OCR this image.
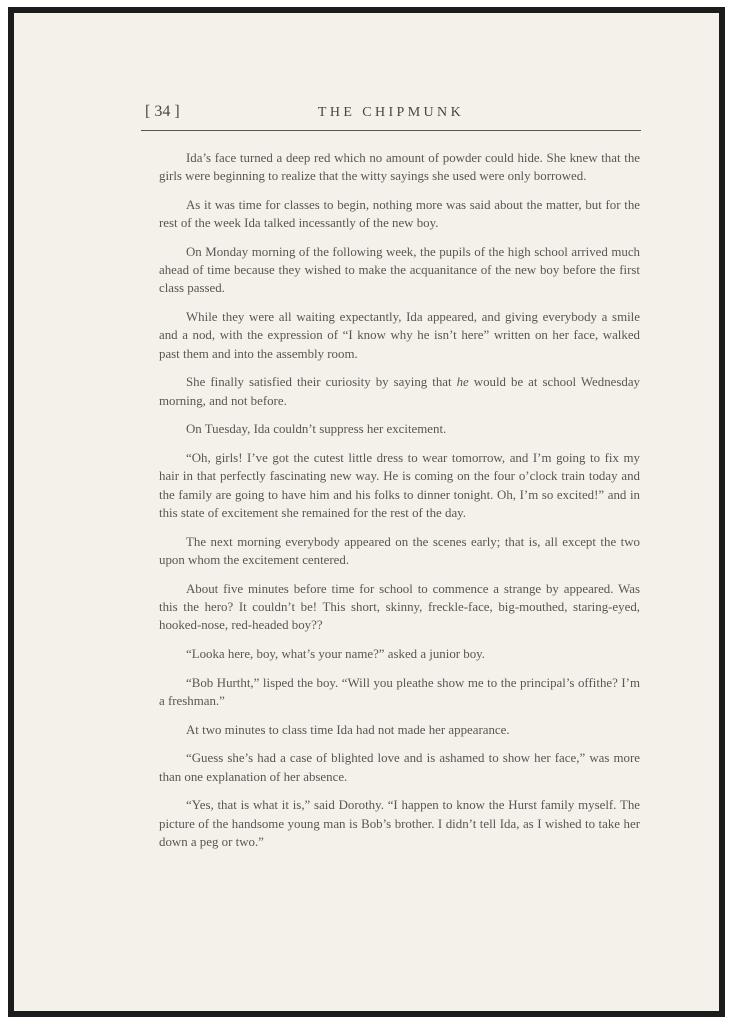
[ 34 ]	THE CHIPMUNK

Ida’s face turned a deep red which no amount of powder could hide. She knew that the girls were beginning to realize that the witty sayings she used were only borrowed.

As it was time for classes to begin, nothing more was said about the matter, but for the rest of the week Ida talked incessantly of the new boy.

On Monday morning of the following week, the pupils of the high school arrived much ahead of time because they wished to make the acquanitance of the new boy before the first class passed.

While they were all waiting expectantly, Ida appeared, and giving everybody a smile and a nod, with the expression of “I know why he isn’t here” written on her face, walked past them and into the assembly room.

She finally satisfied their curiosity by saying that he would be at school Wednesday morning, and not before.

On Tuesday, Ida couldn’t suppress her excitement.

“Oh, girls! I’ve got the cutest little dress to wear tomorrow, and I’m going to fix my hair in that perfectly fascinating new way. He is coming on the four o’clock train today and the family are going to have him and his folks to dinner tonight. Oh, I’m so excited!” and in this state of excitement she remained for the rest of the day.

The next morning everybody appeared on the scenes early; that is, all except the two upon whom the excitement centered.

About five minutes before time for school to commence a strange by appeared. Was this the hero? It couldn’t be! This short, skinny, freckle-face, big-mouthed, staring-eyed, hooked-nose, red-headed boy??

“Looka here, boy, what’s your name?” asked a junior boy.

“Bob Hurtht,” lisped the boy. “Will you pleathe show me to the principal’s offithe? I’m a freshman.”

At two minutes to class time Ida had not made her appearance.

“Guess she’s had a case of blighted love and is ashamed to show her face,” was more than one explanation of her absence.

“Yes, that is what it is,” said Dorothy. “I happen to know the Hurst family myself. The picture of the handsome young man is Bob’s brother. I didn’t tell Ida, as I wished to take her down a peg or two.”
